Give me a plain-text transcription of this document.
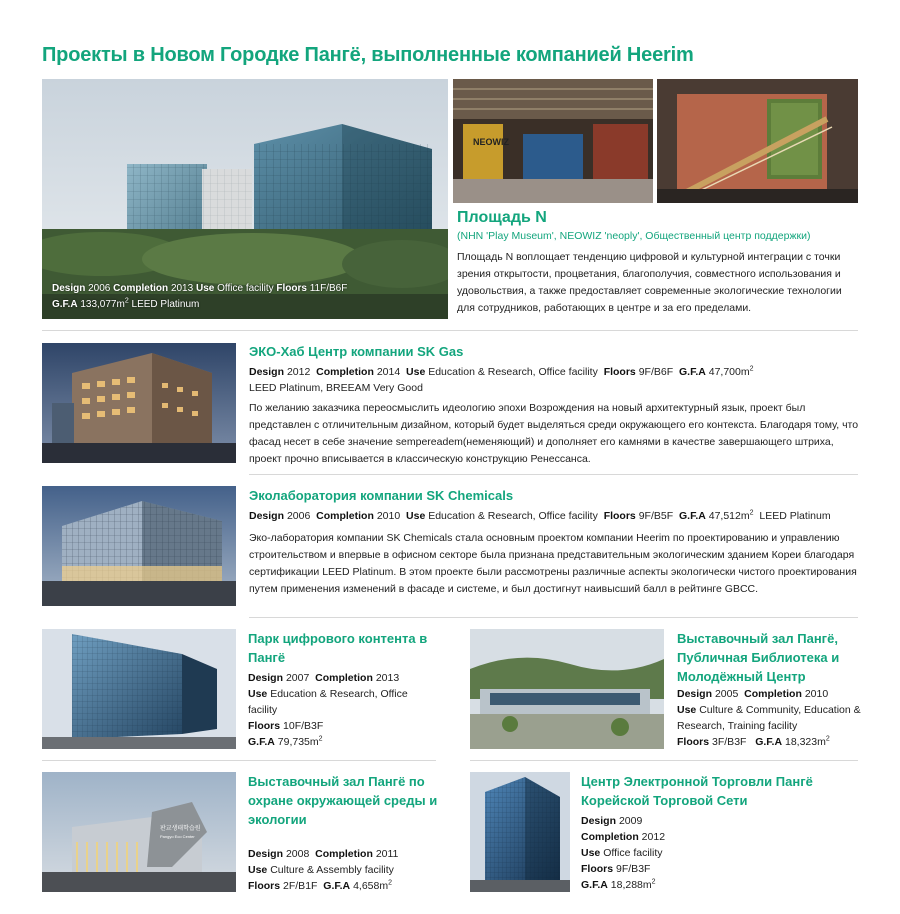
Проекты в Новом Городке Пангё, выполненные компанией Heerim
Design 2006 Completion 2013 Use Office facility Floors 11F/B6F
G.F.A $133,077m^2$ LEED Platinum
NEOWIZ
Площадь N
(NHN 'Play Museum', NEOWIZ 'neoply', Общественный центр поддержки)
Площадь N воплощает тенденцию цифровой и культурной интеграции с точки зрения открытости, процветания, благополучия, совместного использования и удовольствия, а также предоставляет современные экологические технологии для сотрудников, работающих в центре и за его пределами.
ЭКО-Хаб Центр компании SK Gas
Design 2012 Completion 2014 Use Education & Research, Office facility Floors 9F/B6F G.F.A $47,700m^2$
LEED Platinum, BREEAM Very Good
По желанию заказчика переосмыслить идеологию эпохи Возрождения на новый архитектурный язык, проект был представлен с отличительным дизайном, который будет выделяться среди окружающего его контекста. Благодаря тому, что фасад несет в себе значение sempereadem(неменяющий) и дополняет его камнями в качестве завершающего штриха, проект прочно вписывается в классическую конструкцию Ренессанса.
Эколаборатория компании SK Chemicals
Design 2006 Completion 2010 Use Education & Research, Office facility Floors 9F/B5F G.F.A $47,512m^2$ LEED Platinum
Эко-лаборатория компании SK Chemicals стала основным проектом компании Heerim по проектированию и управлению строительством и впервые в офисном секторе была признана представительным экологическим зданием Кореи благодаря сертификации LEED Platinum. В этом проекте были рассмотрены различные аспекты экологически чистого проектирования путем применения изменений в фасаде и системе, и был достигнут наивысший балл в рейтинге GBCC.
Парк цифрового контента в Пангё
Design 2007 Completion 2013
Use Education & Research, Office facility
Floors 10F/B3F
G.F.A $79,735m^2$
Выставочный зал Пангё, Публичная Библиотека и Молодёжный Центр
Design 2005 Completion 2010
Use Culture & Community, Education & Research, Training facility
Floors 3F/B3F G.F.A $18,323m^2$
판교생태학습원
Pangyo Eco Center
Выставочный зал Пангё по охране окружающей среды и экологии
Design 2008 Completion 2011
Use Culture & Assembly facility
Floors 2F/B1F G.F.A $4,658m^2$
Центр Электронной Торговли Пангё Корейской Торговой Сети
Design 2009
Completion 2012
Use Office facility
Floors 9F/B3F
G.F.A $18,288m^2$
